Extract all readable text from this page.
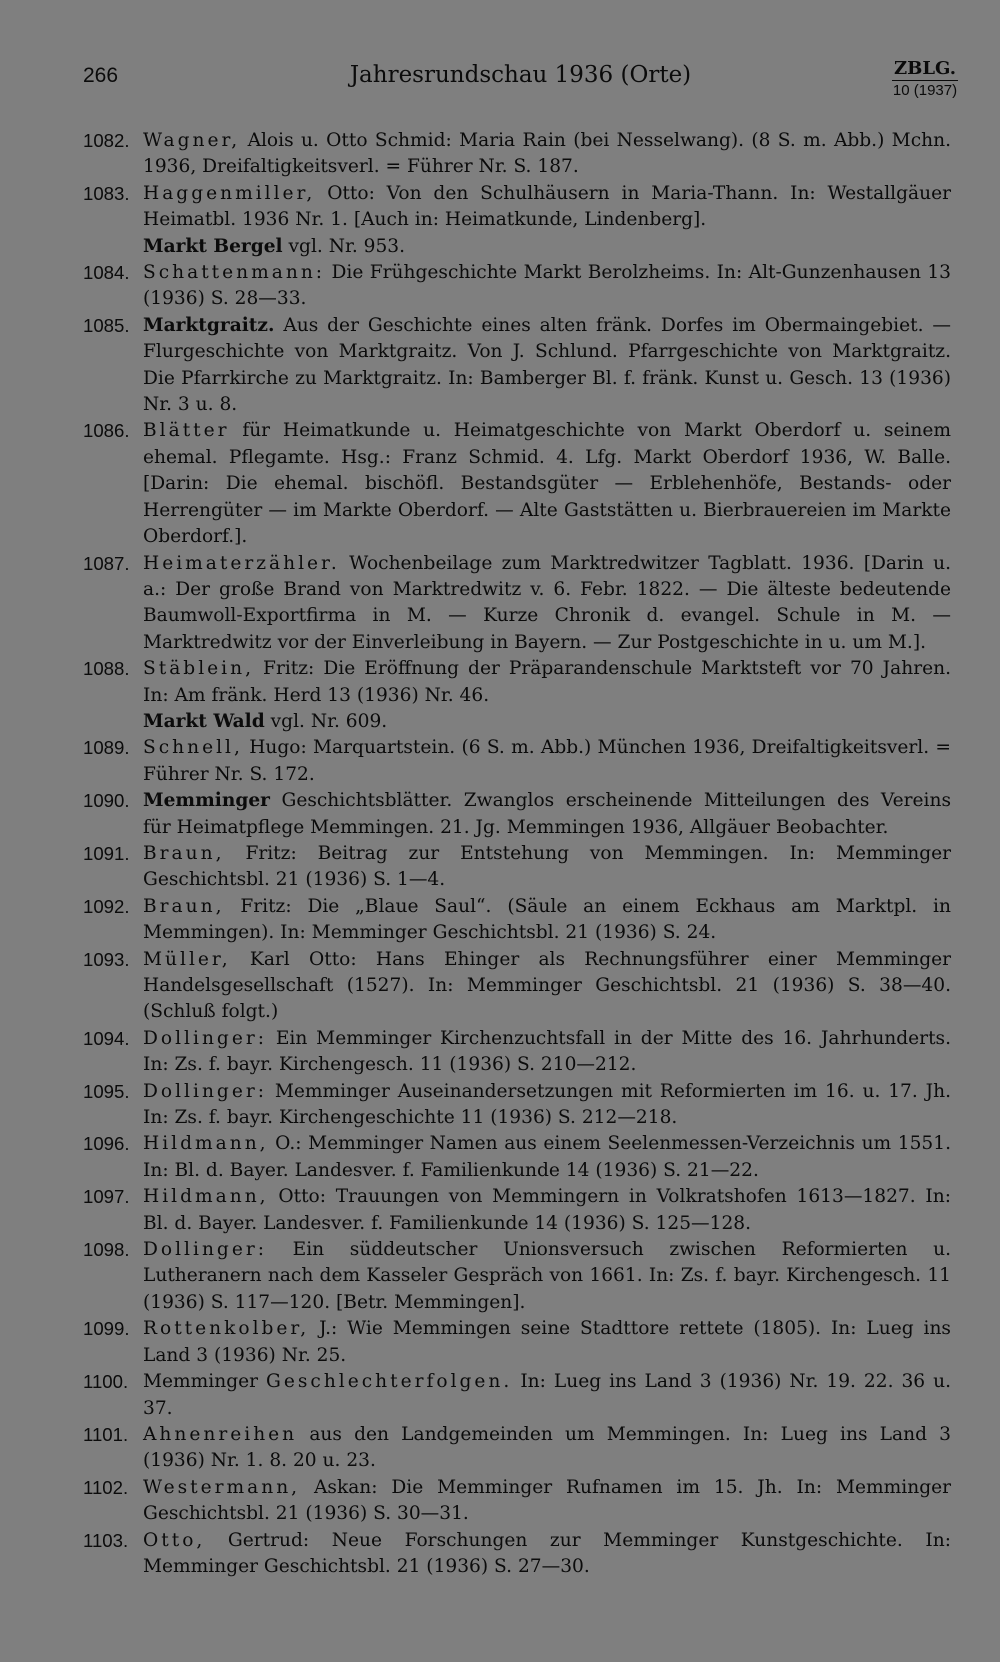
266	Jahresrundschau 1936 (Orte)	ZBLG.
10 (1937)
1082. Wagner, Alois u. Otto Schmid: Maria Rain (bei Nesselwang). (8 S. m. Abb.) Mchn. 1936, Dreifaltigkeitsverl. = Führer Nr. S. 187.
1083. Haggenmiller, Otto: Von den Schulhäusern in Maria-Thann. In: Westallgäuer Heimatbl. 1936 Nr. 1. [Auch in: Heimatkunde, Lindenberg].
Markt Bergel vgl. Nr. 953.
1084. Schattenmann: Die Frühgeschichte Markt Berolzheims. In: Alt-Gunzenhausen 13 (1936) S. 28—33.
1085. Marktgraitz. Aus der Geschichte eines alten fränk. Dorfes im Obermaingebiet. — Flurgeschichte von Marktgraitz. Von J. Schlund. Pfarrgeschichte von Marktgraitz. Die Pfarrkirche zu Marktgraitz. In: Bamberger Bl. f. fränk. Kunst u. Gesch. 13 (1936) Nr. 3 u. 8.
1086. Blätter für Heimatkunde u. Heimatgeschichte von Markt Oberdorf u. seinem ehemal. Pflegamte. Hsg.: Franz Schmid. 4. Lfg. Markt Oberdorf 1936, W. Balle. [Darin: Die ehemal. bischöfl. Bestandsgüter — Erblehenhöfe, Bestands- oder Herrengüter — im Markte Oberdorf. — Alte Gaststätten u. Bierbrauereien im Markte Oberdorf.].
1087. Heimaterzähler. Wochenbeilage zum Marktredwitzer Tagblatt. 1936. [Darin u. a.: Der große Brand von Marktredwitz v. 6. Febr. 1822. — Die älteste bedeutende Baumwoll-Exportfirma in M. — Kurze Chronik d. evangel. Schule in M. — Marktredwitz vor der Einverleibung in Bayern. — Zur Postgeschichte in u. um M.].
1088. Stäblein, Fritz: Die Eröffnung der Präparandenschule Marktsteft vor 70 Jahren. In: Am fränk. Herd 13 (1936) Nr. 46.
Markt Wald vgl. Nr. 609.
1089. Schnell, Hugo: Marquartstein. (6 S. m. Abb.) München 1936, Dreifaltigkeitsverl. = Führer Nr. S. 172.
1090. Memminger Geschichtsblätter. Zwanglos erscheinende Mitteilungen des Vereins für Heimatpflege Memmingen. 21. Jg. Memmingen 1936, Allgäuer Beobachter.
1091. Braun, Fritz: Beitrag zur Entstehung von Memmingen. In: Memminger Geschichtsbl. 21 (1936) S. 1—4.
1092. Braun, Fritz: Die „Blaue Saul“. (Säule an einem Eckhaus am Marktpl. in Memmingen). In: Memminger Geschichtsbl. 21 (1936) S. 24.
1093. Müller, Karl Otto: Hans Ehinger als Rechnungsführer einer Memminger Handelsgesellschaft (1527). In: Memminger Geschichtsbl. 21 (1936) S. 38—40. (Schluß folgt.)
1094. Dollinger: Ein Memminger Kirchenzuchtsfall in der Mitte des 16. Jahrhunderts. In: Zs. f. bayr. Kirchengesch. 11 (1936) S. 210—212.
1095. Dollinger: Memminger Auseinandersetzungen mit Reformierten im 16. u. 17. Jh. In: Zs. f. bayr. Kirchengeschichte 11 (1936) S. 212—218.
1096. Hildmann, O.: Memminger Namen aus einem Seelenmessen-Verzeichnis um 1551. In: Bl. d. Bayer. Landesver. f. Familienkunde 14 (1936) S. 21—22.
1097. Hildmann, Otto: Trauungen von Memmingern in Volkratshofen 1613—1827. In: Bl. d. Bayer. Landesver. f. Familienkunde 14 (1936) S. 125—128.
1098. Dollinger: Ein süddeutscher Unionsversuch zwischen Reformierten u. Lutheranern nach dem Kasseler Gespräch von 1661. In: Zs. f. bayr. Kirchengesch. 11 (1936) S. 117—120. [Betr. Memmingen].
1099. Rottenkolber, J.: Wie Memmingen seine Stadttore rettete (1805). In: Lueg ins Land 3 (1936) Nr. 25.
1100. Memminger Geschlechterfolgen. In: Lueg ins Land 3 (1936) Nr. 19. 22. 36 u. 37.
1101. Ahnenreihen aus den Landgemeinden um Memmingen. In: Lueg ins Land 3 (1936) Nr. 1. 8. 20 u. 23.
1102. Westermann, Askan: Die Memminger Rufnamen im 15. Jh. In: Memminger Geschichtsbl. 21 (1936) S. 30—31.
1103. Otto, Gertrud: Neue Forschungen zur Memminger Kunstgeschichte. In: Memminger Geschichtsbl. 21 (1936) S. 27—30.
